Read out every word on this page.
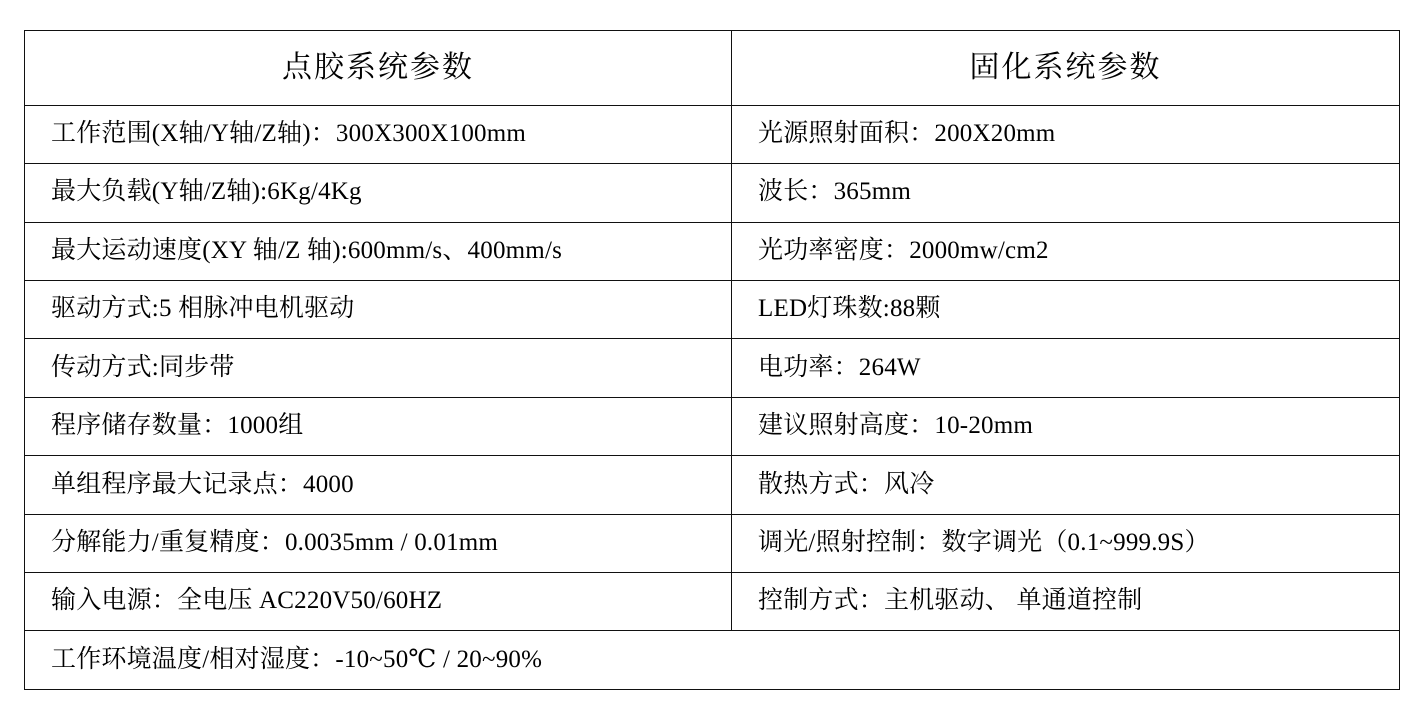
点胶系统参数	固化系统参数
工作范围(X轴/Y轴/Z轴)：300X300X100mm	光源照射面积：200X20mm
最大负载(Y轴/Z轴):6Kg/4Kg	波长：365mm
最大运动速度(XY 轴/Z 轴):600mm/s、400mm/s	光功率密度：2000mw/cm2
驱动方式:5 相脉冲电机驱动	LED灯珠数:88颗
传动方式:同步带	电功率：264W
程序储存数量：1000组	建议照射高度：10-20mm
单组程序最大记录点：4000	散热方式：风冷
分解能力/重复精度：0.0035mm / 0.01mm	调光/照射控制：数字调光（0.1~999.9S）
输入电源：全电压 AC220V50/60HZ	控制方式：主机驱动、 单通道控制
工作环境温度/相对湿度：-10~50℃ / 20~90%	
